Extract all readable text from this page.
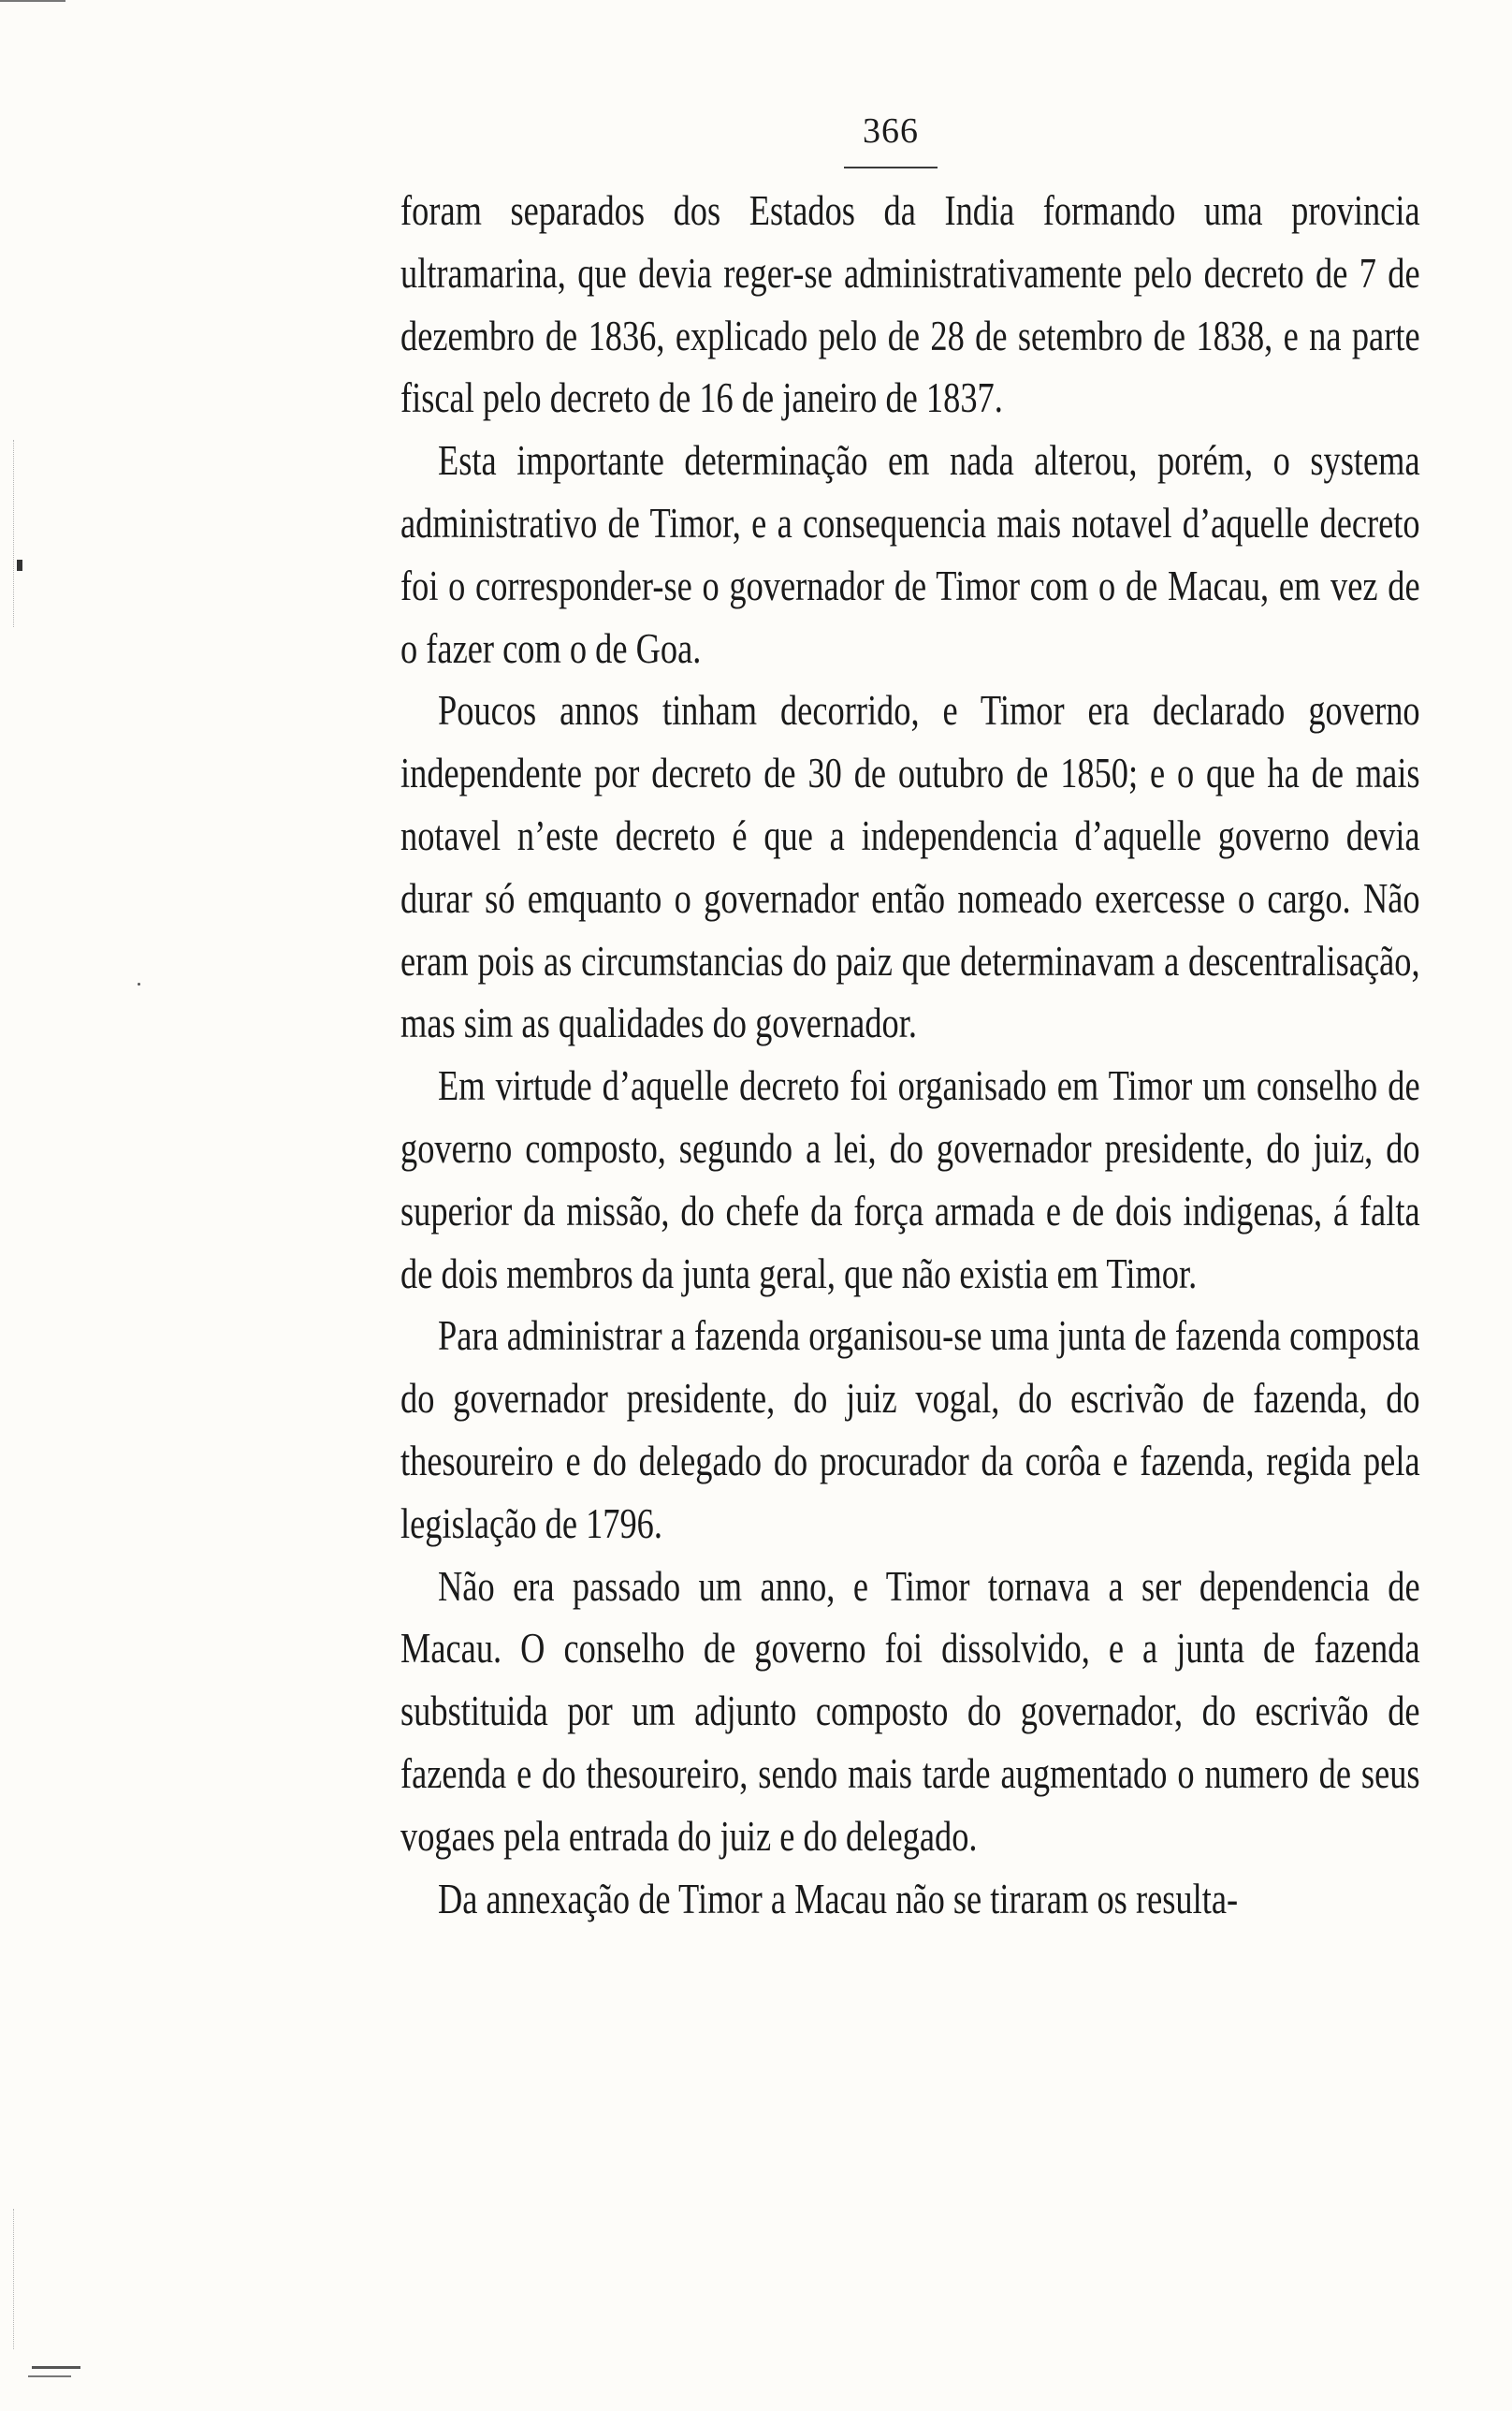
366

foram separados dos Estados da India formando uma provincia ultramarina, que devia reger-se administrativamente pelo decreto de 7 de dezembro de 1836, explicado pelo de 28 de setembro de 1838, e na parte fiscal pelo decreto de 16 de janeiro de 1837.

Esta importante determinação em nada alterou, porém, o systema administrativo de Timor, e a consequencia mais notavel d’aquelle decreto foi o corresponder-se o governador de Timor com o de Macau, em vez de o fazer com o de Goa.

Poucos annos tinham decorrido, e Timor era declarado governo independente por decreto de 30 de outubro de 1850; e o que ha de mais notavel n’este decreto é que a independencia d’aquelle governo devia durar só emquanto o governador então nomeado exercesse o cargo. Não eram pois as circumstancias do paiz que determinavam a descentralisação, mas sim as qualidades do governador.

Em virtude d’aquelle decreto foi organisado em Timor um conselho de governo composto, segundo a lei, do governador presidente, do juiz, do superior da missão, do chefe da força armada e de dois indigenas, á falta de dois membros da junta geral, que não existia em Timor.

Para administrar a fazenda organisou-se uma junta de fazenda composta do governador presidente, do juiz vogal, do escrivão de fazenda, do thesoureiro e do delegado do procurador da corôa e fazenda, regida pela legislação de 1796.

Não era passado um anno, e Timor tornava a ser dependencia de Macau. O conselho de governo foi dissolvido, e a junta de fazenda substituida por um adjunto composto do governador, do escrivão de fazenda e do thesoureiro, sendo mais tarde augmentado o numero de seus vogaes pela entrada do juiz e do delegado.

Da annexação de Timor a Macau não se tiraram os resulta-
